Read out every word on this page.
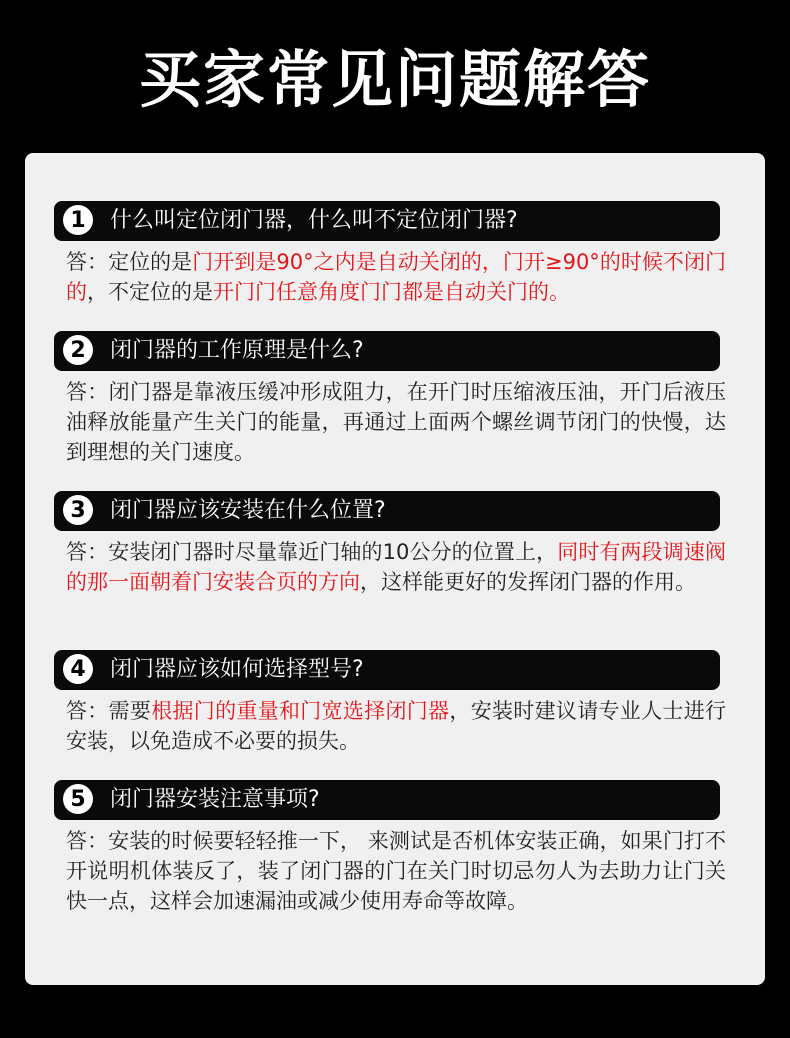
买家常见问题解答
1	什么叫定位闭门器，什么叫不定位闭门器?
答：定位的是门开到是90°之内是自动关闭的，门开≥90°的时候不闭门的，不定位的是开门门任意角度门门都是自动关门的。
2	闭门器的工作原理是什么?
答：闭门器是靠液压缓冲形成阻力，在开门时压缩液压油，开门后液压油释放能量产生关门的能量，再通过上面两个螺丝调节闭门的快慢，达到理想的关门速度。
3	闭门器应该安装在什么位置?
答：安装闭门器时尽量靠近门轴的10公分的位置上，同时有两段调速阀的那一面朝着门安装合页的方向，这样能更好的发挥闭门器的作用。
4	闭门器应该如何选择型号?
答：需要根据门的重量和门宽选择闭门器，安装时建议请专业人士进行安装，以免造成不必要的损失。
5	闭门器安装注意事项?
答：安装的时候要轻轻推一下， 来测试是否机体安装正确，如果门打不开说明机体装反了，装了闭门器的门在关门时切忌勿人为去助力让门关快一点，这样会加速漏油或减少使用寿命等故障。
